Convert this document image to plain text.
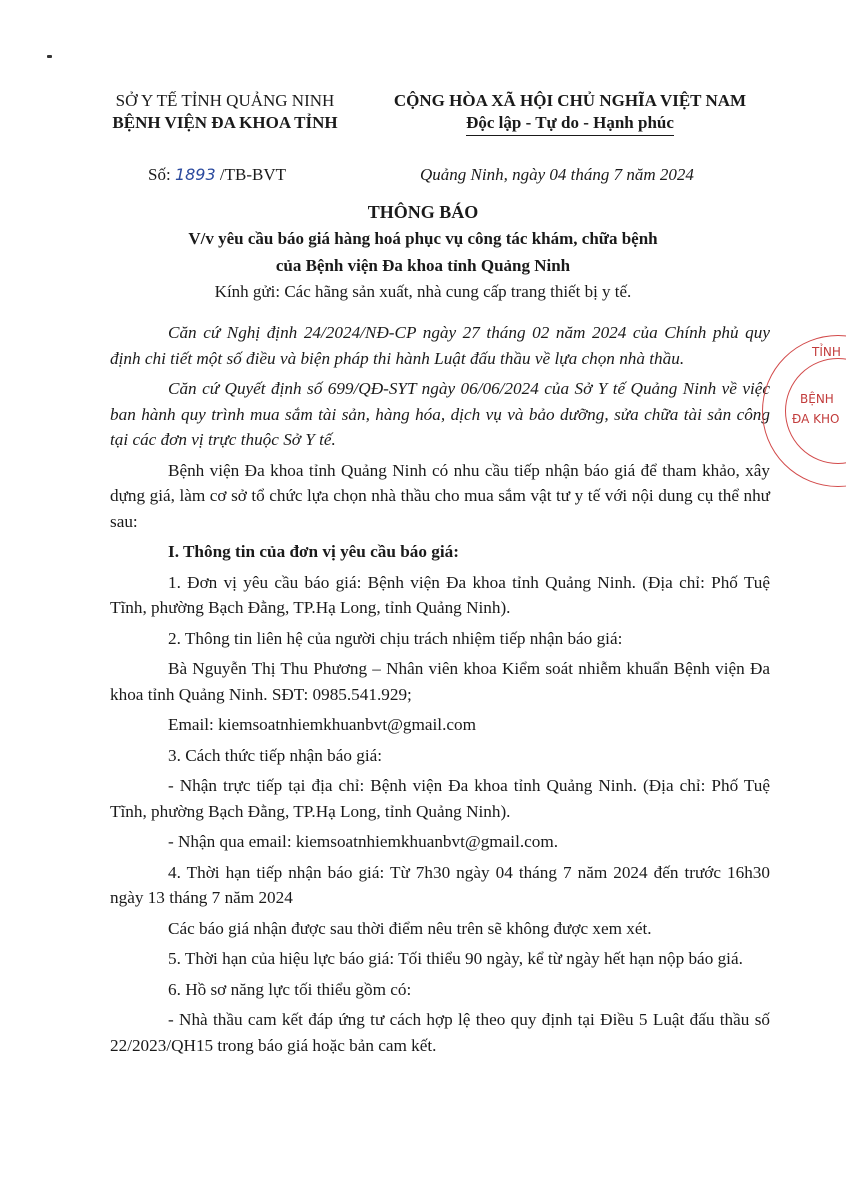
SỞ Y TẾ TỈNH QUẢNG NINH
BỆNH VIỆN ĐA KHOA TỈNH
CỘNG HÒA XÃ HỘI CHỦ NGHĨA VIỆT NAM
Độc lập - Tự do - Hạnh phúc
Số: 1893 /TB-BVT	Quảng Ninh, ngày 04 tháng 7 năm 2024
THÔNG BÁO
V/v yêu cầu báo giá hàng hoá phục vụ công tác khám, chữa bệnh
của Bệnh viện Đa khoa tỉnh Quảng Ninh
Kính gửi: Các hãng sản xuất, nhà cung cấp trang thiết bị y tế.

Căn cứ Nghị định 24/2024/NĐ-CP ngày 27 tháng 02 năm 2024 của Chính phủ quy định chi tiết một số điều và biện pháp thi hành Luật đấu thầu về lựa chọn nhà thầu.

Căn cứ Quyết định số 699/QĐ-SYT ngày 06/06/2024 của Sở Y tế Quảng Ninh về việc ban hành quy trình mua sắm tài sản, hàng hóa, dịch vụ và bảo dưỡng, sửa chữa tài sản công tại các đơn vị trực thuộc Sở Y tế.

Bệnh viện Đa khoa tỉnh Quảng Ninh có nhu cầu tiếp nhận báo giá để tham khảo, xây dựng giá, làm cơ sở tổ chức lựa chọn nhà thầu cho mua sắm vật tư y tế với nội dung cụ thể như sau:

I. Thông tin của đơn vị yêu cầu báo giá:

1. Đơn vị yêu cầu báo giá: Bệnh viện Đa khoa tỉnh Quảng Ninh. (Địa chỉ: Phố Tuệ Tĩnh, phường Bạch Đằng, TP.Hạ Long, tỉnh Quảng Ninh).

2. Thông tin liên hệ của người chịu trách nhiệm tiếp nhận báo giá:

Bà Nguyễn Thị Thu Phương – Nhân viên khoa Kiểm soát nhiễm khuẩn Bệnh viện Đa khoa tỉnh Quảng Ninh. SĐT: 0985.541.929;

Email: kiemsoatnhiemkhuanbvt@gmail.com

3. Cách thức tiếp nhận báo giá:

- Nhận trực tiếp tại địa chỉ: Bệnh viện Đa khoa tỉnh Quảng Ninh. (Địa chỉ: Phố Tuệ Tĩnh, phường Bạch Đằng, TP.Hạ Long, tỉnh Quảng Ninh).

- Nhận qua email: kiemsoatnhiemkhuanbvt@gmail.com.

4. Thời hạn tiếp nhận báo giá: Từ 7h30 ngày 04 tháng 7 năm 2024 đến trước 16h30 ngày 13 tháng 7 năm 2024

Các báo giá nhận được sau thời điểm nêu trên sẽ không được xem xét.

5. Thời hạn của hiệu lực báo giá: Tối thiểu 90 ngày, kể từ ngày hết hạn nộp báo giá.

6. Hồ sơ năng lực tối thiểu gồm có:

- Nhà thầu cam kết đáp ứng tư cách hợp lệ theo quy định tại Điều 5 Luật đấu thầu số 22/2023/QH15 trong báo giá hoặc bản cam kết.

TỈNH
BỆNH
ĐA KHO
